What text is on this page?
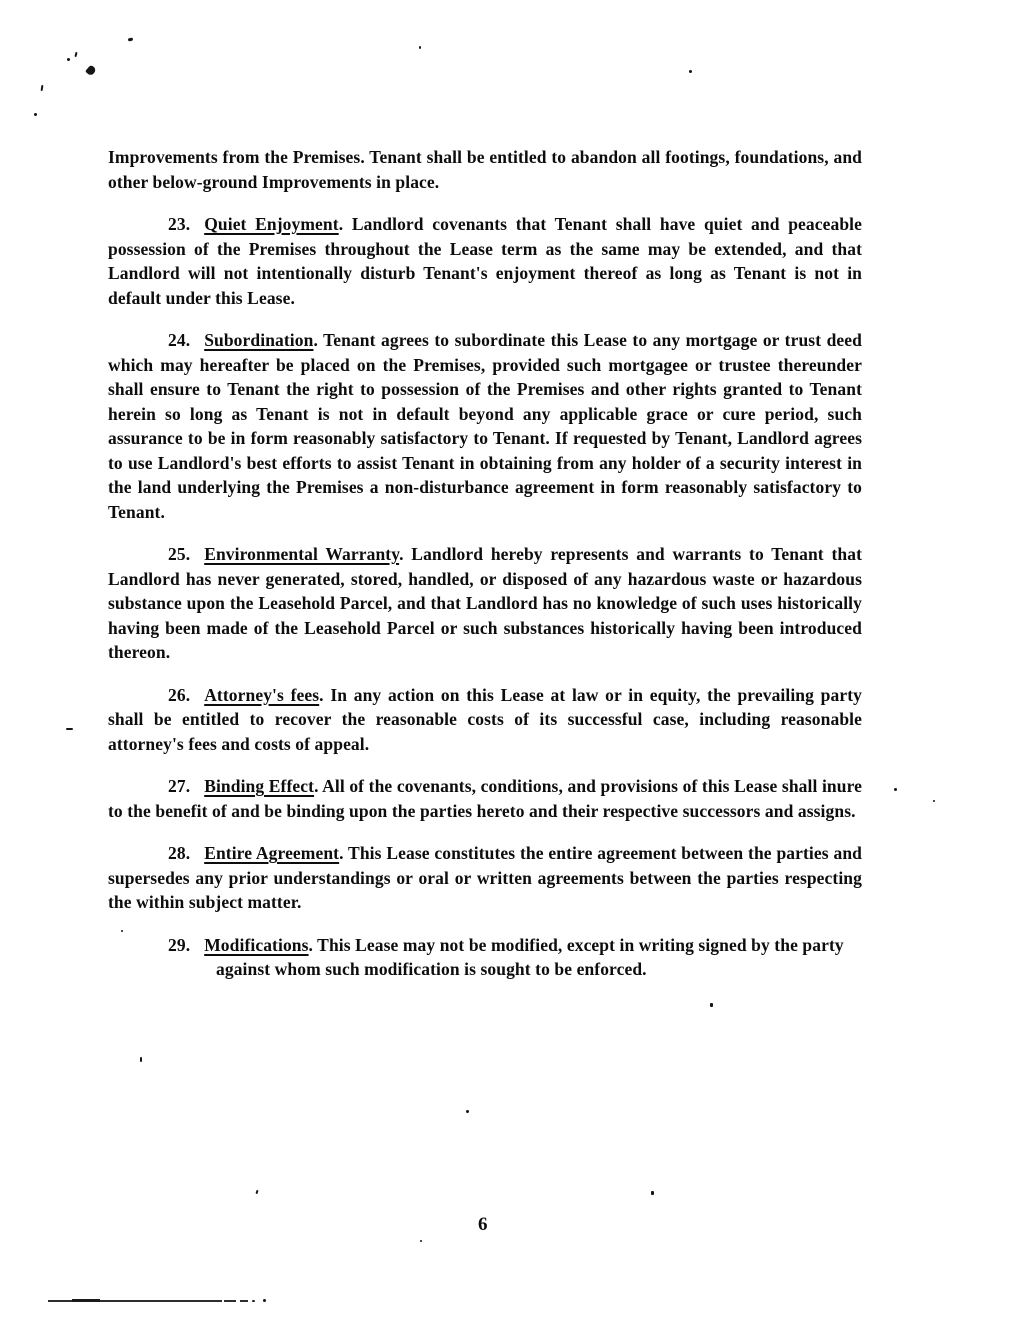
Improvements from the Premises. Tenant shall be entitled to abandon all footings, foundations, and other below-ground Improvements in place.

23. Quiet Enjoyment. Landlord covenants that Tenant shall have quiet and peaceable possession of the Premises throughout the Lease term as the same may be extended, and that Landlord will not intentionally disturb Tenant's enjoyment thereof as long as Tenant is not in default under this Lease.

24. Subordination. Tenant agrees to subordinate this Lease to any mortgage or trust deed which may hereafter be placed on the Premises, provided such mortgagee or trustee thereunder shall ensure to Tenant the right to possession of the Premises and other rights granted to Tenant herein so long as Tenant is not in default beyond any applicable grace or cure period, such assurance to be in form reasonably satisfactory to Tenant. If requested by Tenant, Landlord agrees to use Landlord's best efforts to assist Tenant in obtaining from any holder of a security interest in the land underlying the Premises a non-disturbance agreement in form reasonably satisfactory to Tenant.

25. Environmental Warranty. Landlord hereby represents and warrants to Tenant that Landlord has never generated, stored, handled, or disposed of any hazardous waste or hazardous substance upon the Leasehold Parcel, and that Landlord has no knowledge of such uses historically having been made of the Leasehold Parcel or such substances historically having been introduced thereon.

26. Attorney's fees. In any action on this Lease at law or in equity, the prevailing party shall be entitled to recover the reasonable costs of its successful case, including reasonable attorney's fees and costs of appeal.

27. Binding Effect. All of the covenants, conditions, and provisions of this Lease shall inure to the benefit of and be binding upon the parties hereto and their respective successors and assigns.

28. Entire Agreement. This Lease constitutes the entire agreement between the parties and supersedes any prior understandings or oral or written agreements between the parties respecting the within subject matter.

29. Modifications. This Lease may not be modified, except in writing signed by the party against whom such modification is sought to be enforced.

6
